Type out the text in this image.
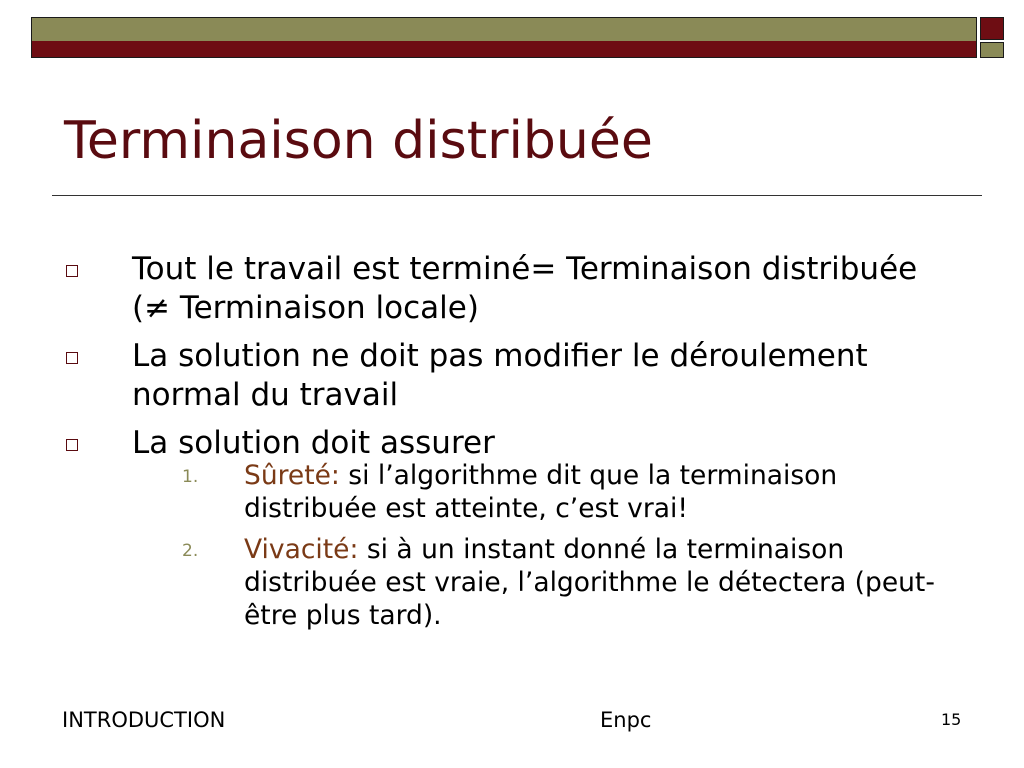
Terminaison distribuée
Tout le travail est terminé= Terminaison distribuée (≠ Terminaison locale)
La solution ne doit pas modifier le déroulement normal du travail
La solution doit assurer
1. Sûreté: si l’algorithme dit que la terminaison distribuée est atteinte, c’est vrai!
2. Vivacité: si à un instant donné la terminaison distribuée est vraie, l’algorithme le détectera (peut-être plus tard).
INTRODUCTION	Enpc	15
